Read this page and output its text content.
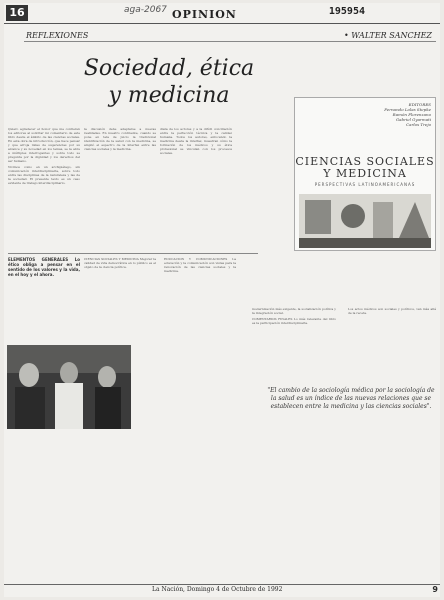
16	aga-2067 OPINION	195954
REFLEXIONES	• WALTER SANCHEZ
Sociedad, ética
y medicina

Quiero agradecer el honor que me confieren los editores al solicitar mi comentario de este libro desde el ámbito de las ciencias sociales. En esta obra de introducción, que hace pensar y que arroja miles de sugerencias por su alcance y su novedad en los temas, se la abre a múltiples interrogantes y sobre todo se pregunta por la dignidad y los derechos del ser humano.

Vivimos como en un archipiélago, sin comunicación interdisciplinaria, sobre todo entre las disciplinas de la naturaleza y las de la sociedad. El presente texto es un caso evidente de trabajo interdisciplinario.

la discusión debe adaptarse a nuevas realidades. En nuestro continente, cuando se pone en tela de juicio la tradicional identificación de la salud con la medicina, se amplió el espectro de la interfaz entre las ciencias sociales y la medicina.

diata de los actores y a la difícil conciliación entre la perfección técnica y la calidez humana. Todos los autores, enfocando la medicina desde la interfaz, muestran cómo la formación de los médicos y su ética profesional se vinculan con los procesos sociales.

EDITORES
Fernando Lolas Stepke
Ramón Florenzano
Gabriel Gyarmati
Carlos Trejo
CIENCIAS SOCIALES
Y MEDICINA
PERSPECTIVAS LATINOAMERICANAS

ELEMENTOS GENERALES Lo ético obliga a pensar en el sentido de los valores y la vida, en el hoy y el ahora.

CIENCIAS SOCIALES Y MEDICINA Mejorar la calidad de vida democrática en lo público es el objeto de la ciencia política.

EDUCACION Y COMUNICACIONES La educación y la comunicación son vistas para la renovación de las ciencias sociales y la medicina.

modernización más exigente, la socialización política y la integración social.

COMENTARIOS FINALES Lo más relevante del libro es la participación interdisciplinaria.

Los actos médicos son sociales y políticos, van más allá de la receta.

"El cambio de la sociología médica por la sociología de la salud es un índice de las nuevas relaciones que se establecen entre la medicina y las ciencias sociales".
La Nación, Domingo 4 de Octubre de 1992	9
